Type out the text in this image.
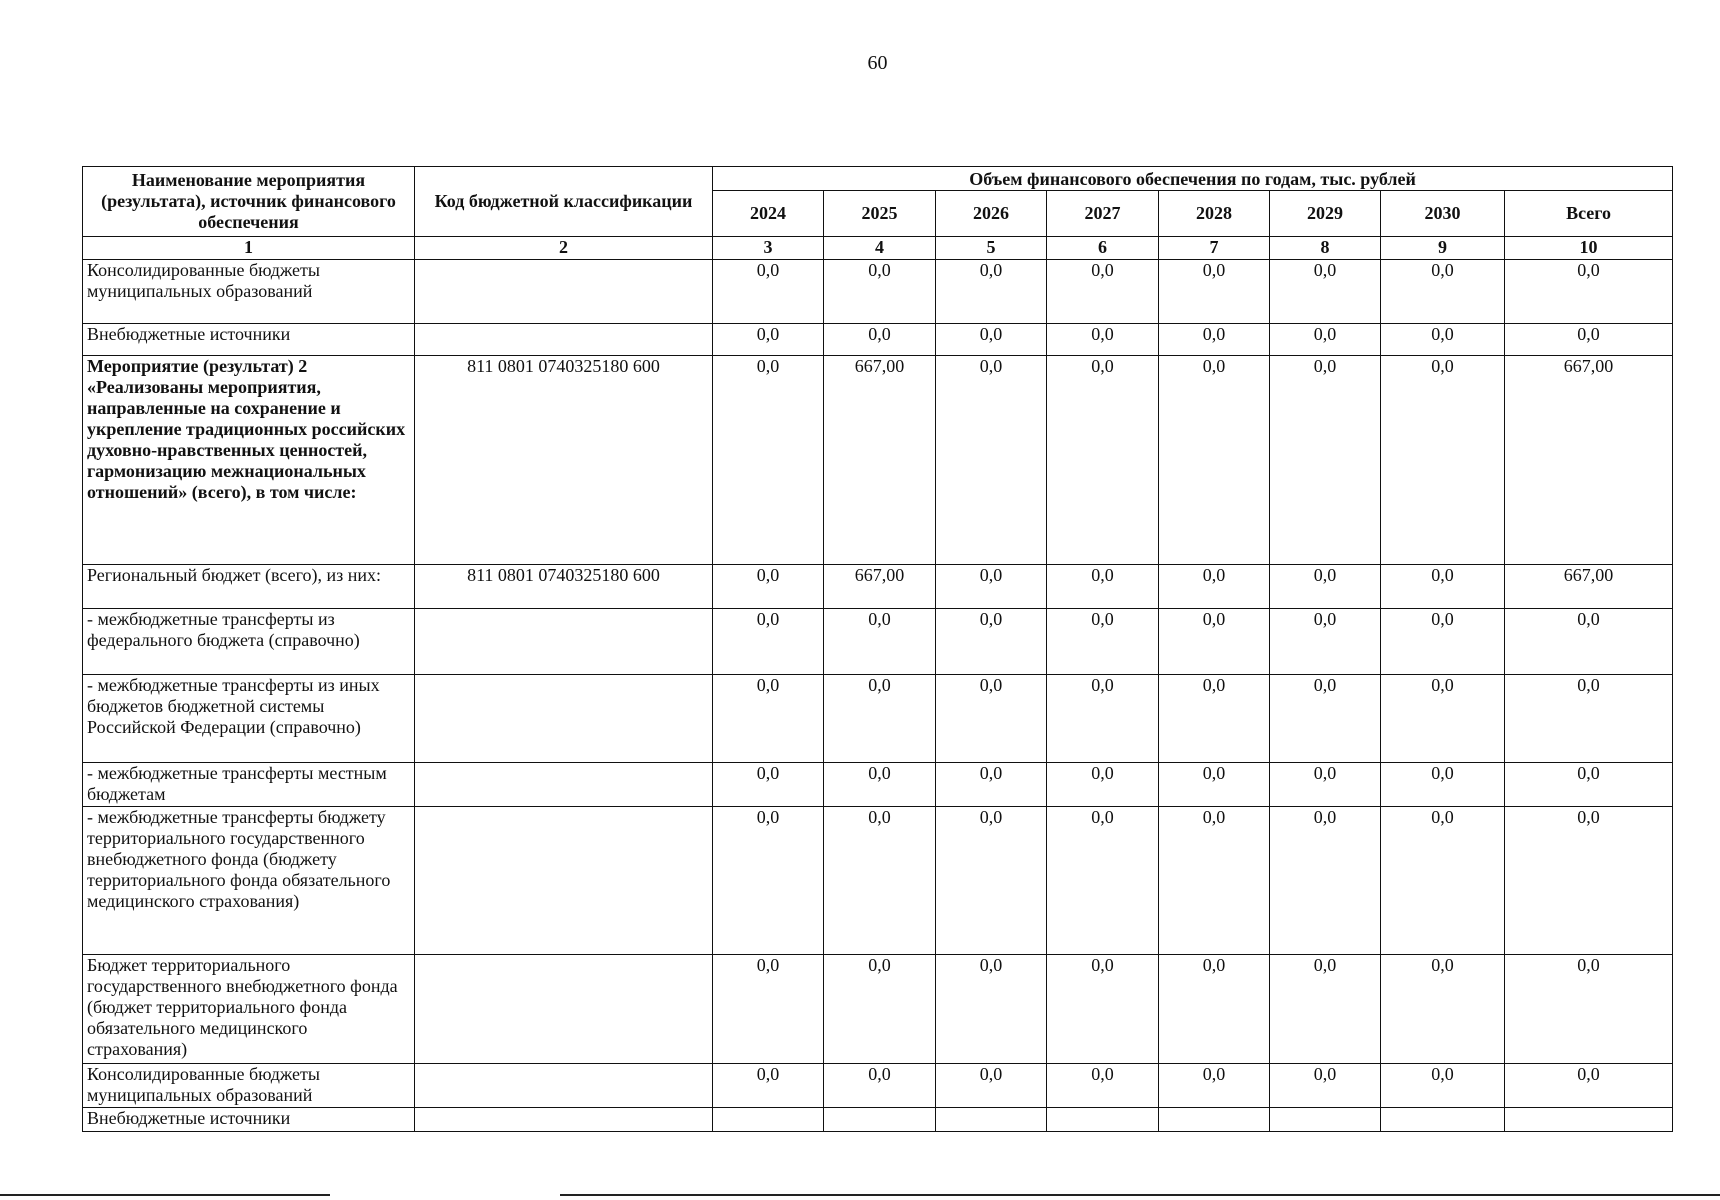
60
Наименование мероприятия (результата), источник финансового обеспечения	Код бюджетной классификации	Объем финансового обеспечения по годам, тыс. рублей							
		2024	2025	2026	2027	2028	2029	2030	Всего
1	2	3	4	5	6	7	8	9	10
Консолидированные бюджеты муниципальных образований		0,0	0,0	0,0	0,0	0,0	0,0	0,0	0,0
Внебюджетные источники		0,0	0,0	0,0	0,0	0,0	0,0	0,0	0,0
Мероприятие (результат) 2 «Реализованы мероприятия, направленные на сохранение и укрепление традиционных российских духовно-нравственных ценностей, гармонизацию межнациональных отношений» (всего), в том числе:	811 0801 0740325180 600	0,0	667,00	0,0	0,0	0,0	0,0	0,0	667,00
Региональный бюджет (всего), из них:	811 0801 0740325180 600	0,0	667,00	0,0	0,0	0,0	0,0	0,0	667,00
- межбюджетные трансферты из федерального бюджета (справочно)		0,0	0,0	0,0	0,0	0,0	0,0	0,0	0,0
- межбюджетные трансферты из иных бюджетов бюджетной системы Российской Федерации (справочно)		0,0	0,0	0,0	0,0	0,0	0,0	0,0	0,0
- межбюджетные трансферты местным бюджетам		0,0	0,0	0,0	0,0	0,0	0,0	0,0	0,0
- межбюджетные трансферты бюджету территориального государственного внебюджетного фонда (бюджету территориального фонда обязательного медицинского страхования)		0,0	0,0	0,0	0,0	0,0	0,0	0,0	0,0
Бюджет территориального государственного внебюджетного фонда (бюджет территориального фонда обязательного медицинского страхования)		0,0	0,0	0,0	0,0	0,0	0,0	0,0	0,0
Консолидированные бюджеты муниципальных образований		0,0	0,0	0,0	0,0	0,0	0,0	0,0	0,0
Внебюджетные источники									
